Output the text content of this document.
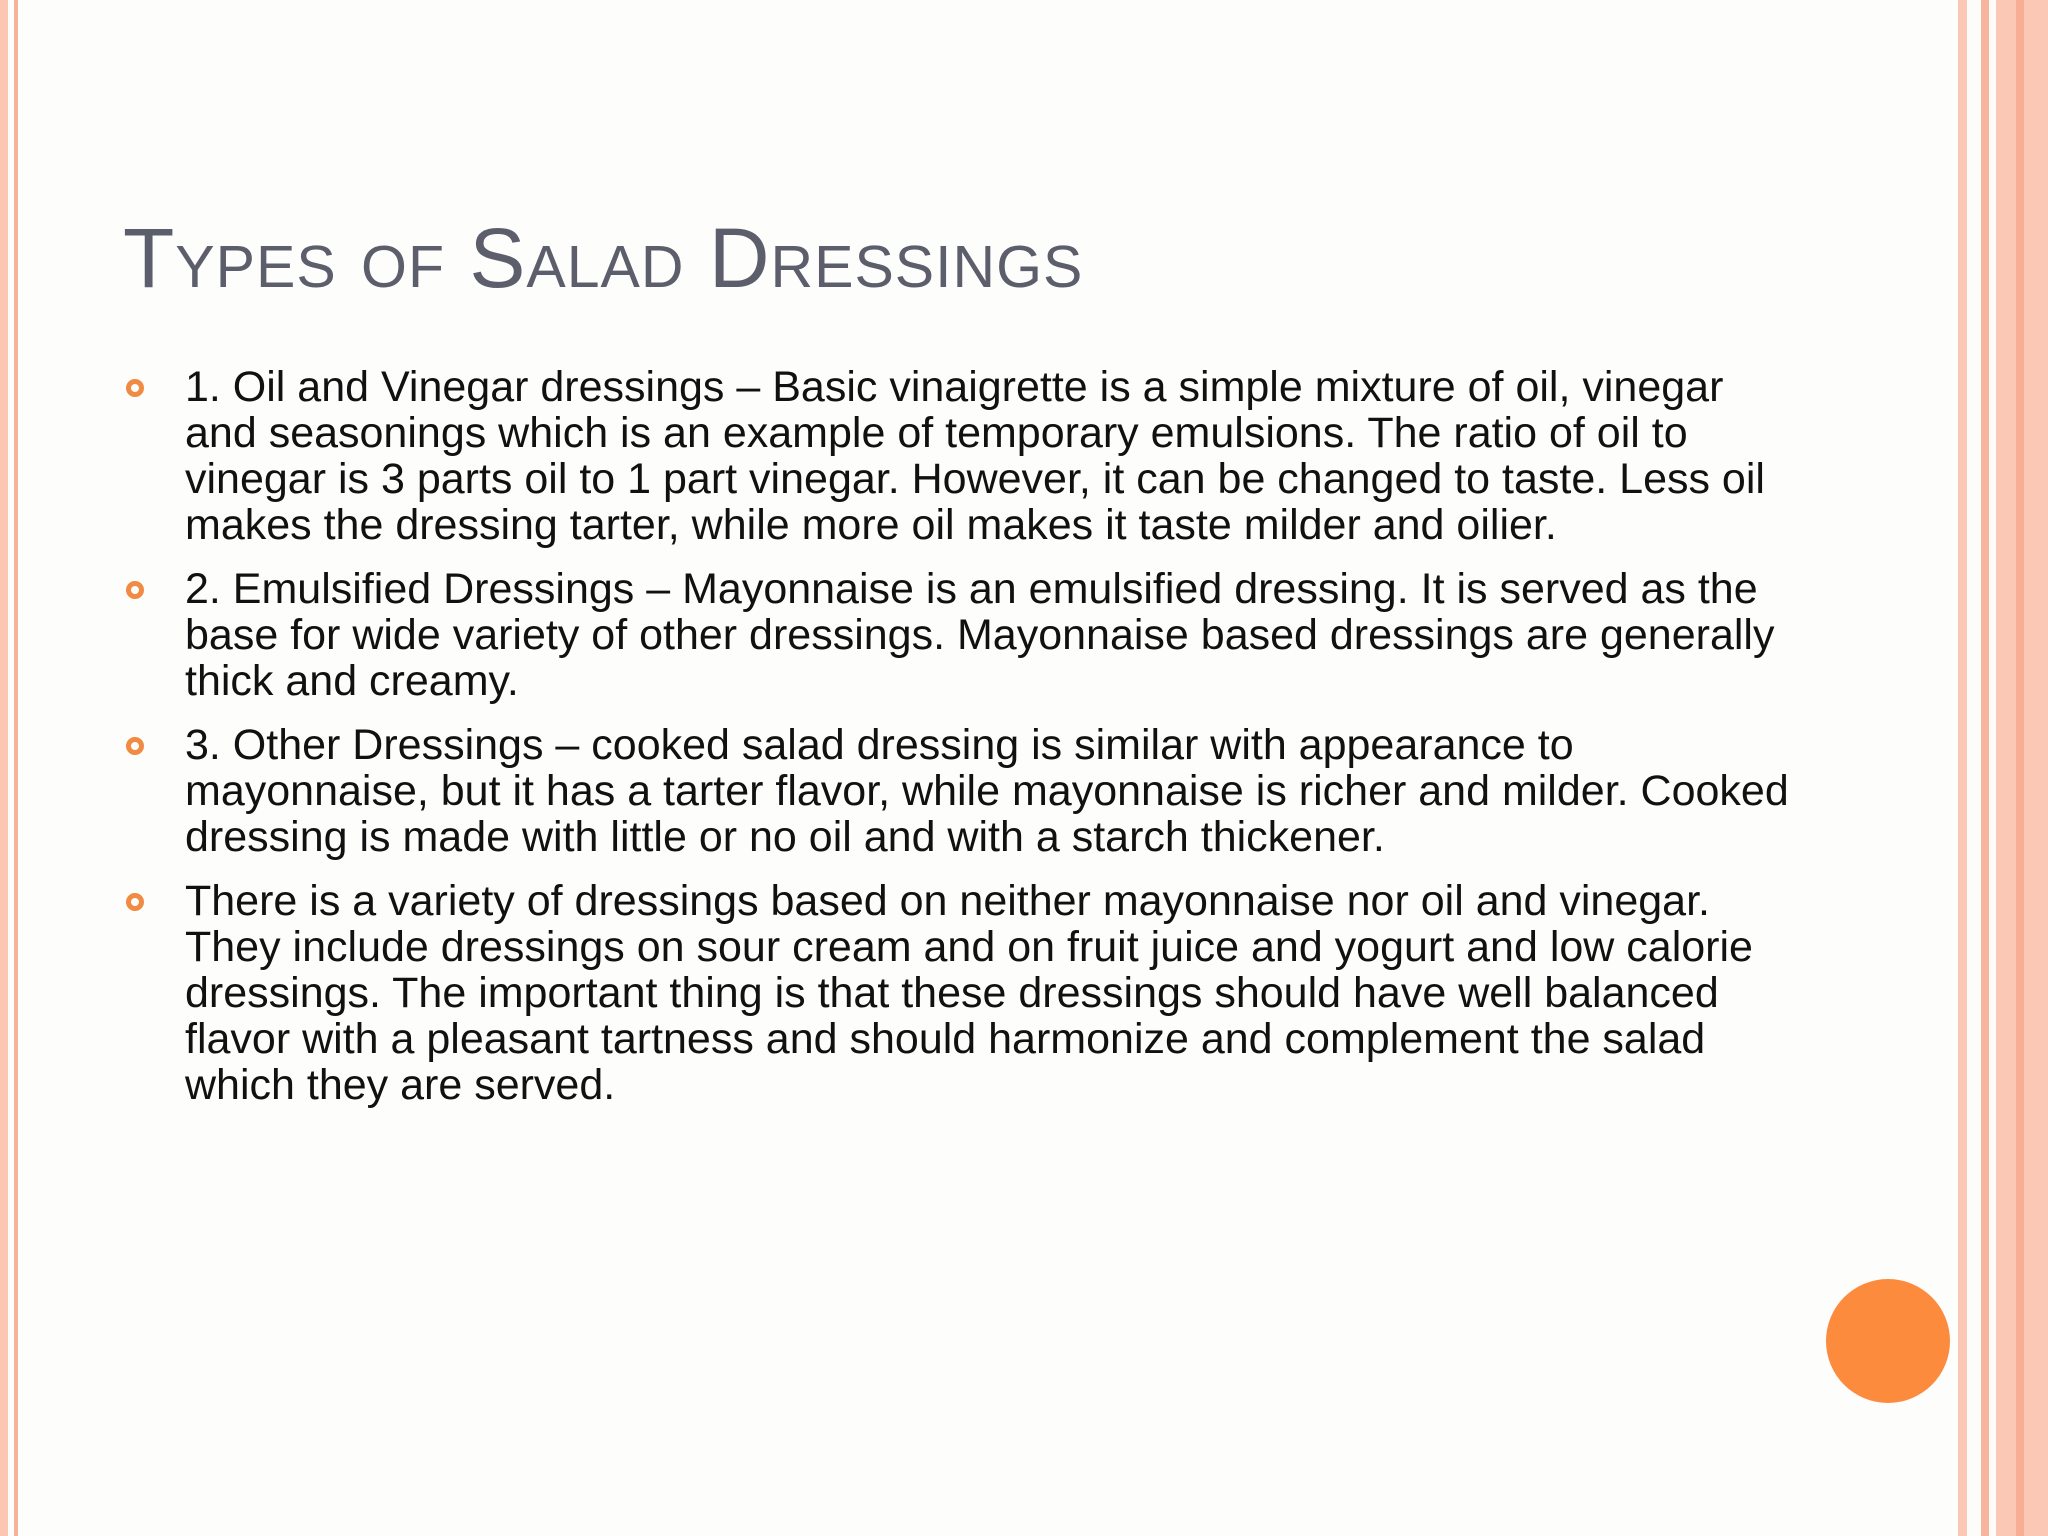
Types of Salad Dressings
1. Oil and Vinegar dressings – Basic vinaigrette is a simple mixture of oil, vinegar and seasonings which is an example of temporary emulsions. The ratio of oil to vinegar is 3 parts oil to 1 part vinegar. However, it can be changed to taste. Less oil makes the dressing tarter, while more oil makes it taste milder and oilier.
2. Emulsified Dressings – Mayonnaise is an emulsified dressing. It is served as the base for wide variety of other dressings. Mayonnaise based dressings are generally thick and creamy.
3. Other Dressings – cooked salad dressing is similar with appearance to mayonnaise, but it has a tarter flavor, while mayonnaise is richer and milder. Cooked dressing is made with little or no oil and with a starch thickener.
There is a variety of dressings based on neither mayonnaise nor oil and vinegar. They include dressings on sour cream and on fruit juice and yogurt and low calorie dressings. The important thing is that these dressings should have well balanced flavor with a pleasant tartness and should harmonize and complement the salad which they are served.
